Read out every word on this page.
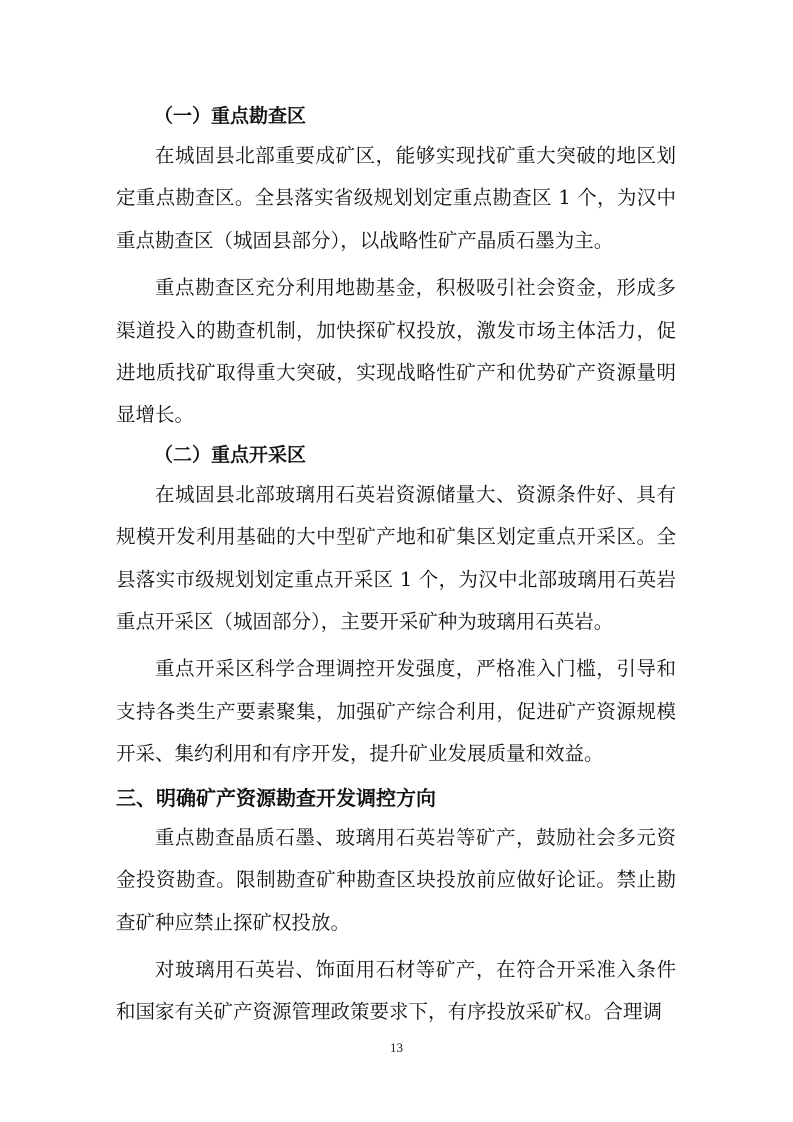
（一）重点勘查区

在城固县北部重要成矿区，能够实现找矿重大突破的地区划定重点勘查区。全县落实省级规划划定重点勘查区 1 个，为汉中重点勘查区（城固县部分），以战略性矿产晶质石墨为主。

重点勘查区充分利用地勘基金，积极吸引社会资金，形成多渠道投入的勘查机制，加快探矿权投放，激发市场主体活力，促进地质找矿取得重大突破，实现战略性矿产和优势矿产资源量明显增长。

（二）重点开采区

在城固县北部玻璃用石英岩资源储量大、资源条件好、具有规模开发利用基础的大中型矿产地和矿集区划定重点开采区。全县落实市级规划划定重点开采区 1 个，为汉中北部玻璃用石英岩重点开采区（城固部分），主要开采矿种为玻璃用石英岩。

重点开采区科学合理调控开发强度，严格准入门槛，引导和支持各类生产要素聚集，加强矿产综合利用，促进矿产资源规模开采、集约利用和有序开发，提升矿业发展质量和效益。

三、明确矿产资源勘查开发调控方向

重点勘查晶质石墨、玻璃用石英岩等矿产，鼓励社会多元资金投资勘查。限制勘查矿种勘查区块投放前应做好论证。禁止勘查矿种应禁止探矿权投放。

对玻璃用石英岩、饰面用石材等矿产，在符合开采准入条件和国家有关矿产资源管理政策要求下，有序投放采矿权。合理调

13
